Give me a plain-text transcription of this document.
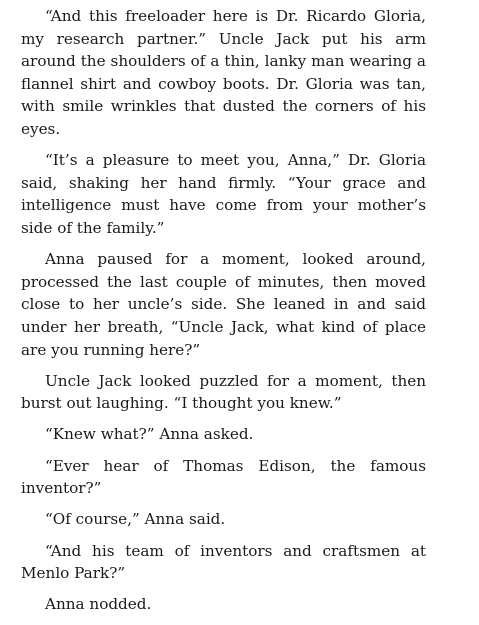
“And this freeloader here is Dr. Ricardo Gloria, my research partner.” Uncle Jack put his arm around the shoulders of a thin, lanky man wearing a flannel shirt and cowboy boots. Dr. Gloria was tan, with smile wrinkles that dusted the corners of his eyes.

“It’s a pleasure to meet you, Anna,” Dr. Gloria said, shaking her hand firmly. “Your grace and intelligence must have come from your mother’s side of the family.”

Anna paused for a moment, looked around, processed the last couple of minutes, then moved close to her uncle’s side. She leaned in and said under her breath, “Uncle Jack, what kind of place are you running here?”

Uncle Jack looked puzzled for a moment, then burst out laughing. “I thought you knew.”

“Knew what?” Anna asked.

“Ever hear of Thomas Edison, the famous inventor?”

“Of course,” Anna said.

“And his team of inventors and craftsmen at Menlo Park?”

Anna nodded.
